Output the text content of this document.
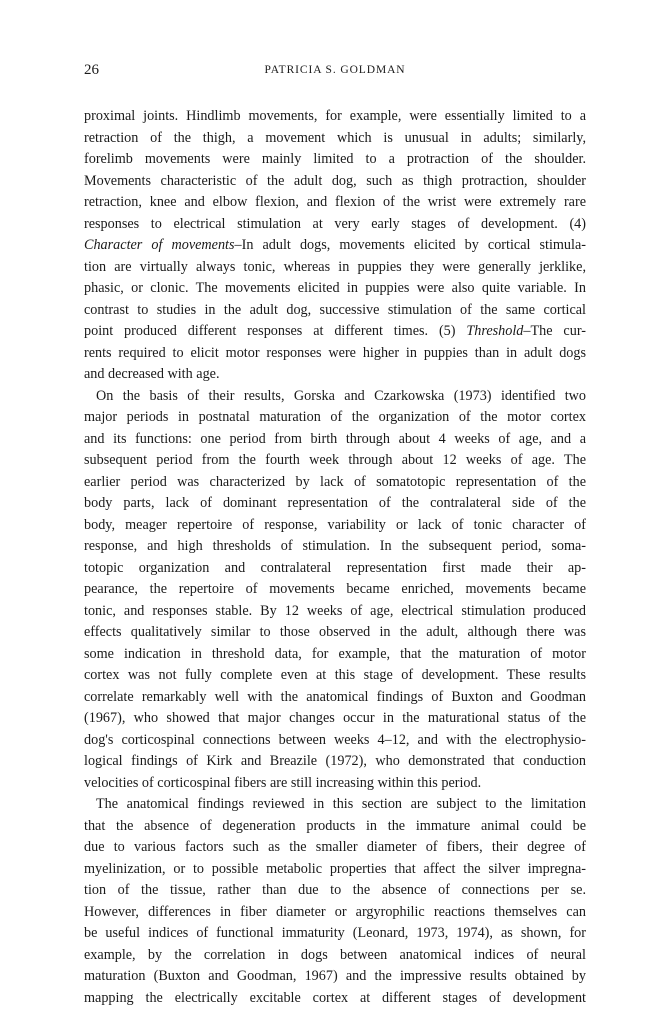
26	PATRICIA S. GOLDMAN
proximal joints. Hindlimb movements, for example, were essentially limited to a
retraction of the thigh, a movement which is unusual in adults; similarly,
forelimb movements were mainly limited to a protraction of the shoulder.
Movements characteristic of the adult dog, such as thigh protraction, shoulder
retraction, knee and elbow flexion, and flexion of the wrist were extremely rare
responses to electrical stimulation at very early stages of development. (4)
Character of movements–In adult dogs, movements elicited by cortical stimula-
tion are virtually always tonic, whereas in puppies they were generally jerklike,
phasic, or clonic. The movements elicited in puppies were also quite variable. In
contrast to studies in the adult dog, successive stimulation of the same cortical
point produced different responses at different times. (5) Threshold–The cur-
rents required to elicit motor responses were higher in puppies than in adult dogs
and decreased with age.
On the basis of their results, Gorska and Czarkowska (1973) identified two
major periods in postnatal maturation of the organization of the motor cortex
and its functions: one period from birth through about 4 weeks of age, and a
subsequent period from the fourth week through about 12 weeks of age. The
earlier period was characterized by lack of somatotopic representation of the
body parts, lack of dominant representation of the contralateral side of the
body, meager repertoire of response, variability or lack of tonic character of
response, and high thresholds of stimulation. In the subsequent period, soma-
totopic organization and contralateral representation first made their ap-
pearance, the repertoire of movements became enriched, movements became
tonic, and responses stable. By 12 weeks of age, electrical stimulation produced
effects qualitatively similar to those observed in the adult, although there was
some indication in threshold data, for example, that the maturation of motor
cortex was not fully complete even at this stage of development. These results
correlate remarkably well with the anatomical findings of Buxton and Goodman
(1967), who showed that major changes occur in the maturational status of the
dog's corticospinal connections between weeks 4–12, and with the electrophysio-
logical findings of Kirk and Breazile (1972), who demonstrated that conduction
velocities of corticospinal fibers are still increasing within this period.
The anatomical findings reviewed in this section are subject to the limitation
that the absence of degeneration products in the immature animal could be
due to various factors such as the smaller diameter of fibers, their degree of
myelinization, or to possible metabolic properties that affect the silver impregna-
tion of the tissue, rather than due to the absence of connections per se.
However, differences in fiber diameter or argyrophilic reactions themselves can
be useful indices of functional immaturity (Leonard, 1973, 1974), as shown, for
example, by the correlation in dogs between anatomical indices of neural
maturation (Buxton and Goodman, 1967) and the impressive results obtained by
mapping the electrically excitable cortex at different stages of development
